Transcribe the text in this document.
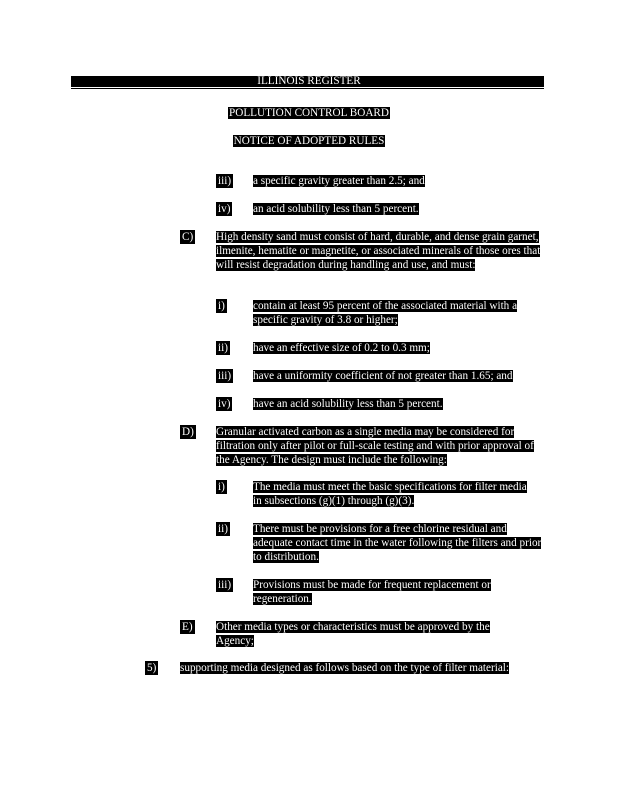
ILLINOIS REGISTER
POLLUTION CONTROL BOARD
NOTICE OF ADOPTED RULES
iii) a specific gravity greater than 2.5; and
iv) an acid solubility less than 5 percent.
C) High density sand must consist of hard, durable, and dense grain garnet, ilmenite, hematite or magnetite, or associated minerals of those ores that will resist degradation during handling and use, and must:
i)	contain at least 95 percent of the associated material with a specific gravity of 3.8 or higher;
ii) have an effective size of 0.2 to 0.3 mm;
iii) have a uniformity coefficient of not greater than 1.65; and
iv) have an acid solubility less than 5 percent.
D) Granular activated carbon as a single media may be considered for filtration only after pilot or full-scale testing and with prior approval of the Agency. The design must include the following:
i)	The media must meet the basic specifications for filter media in subsections (g)(1) through (g)(3).
ii) There must be provisions for a free chlorine residual and adequate contact time in the water following the filters and prior to distribution.
iii) Provisions must be made for frequent replacement or regeneration.
E) Other media types or characteristics must be approved by the Agency;
5) supporting media designed as follows based on the type of filter material:
